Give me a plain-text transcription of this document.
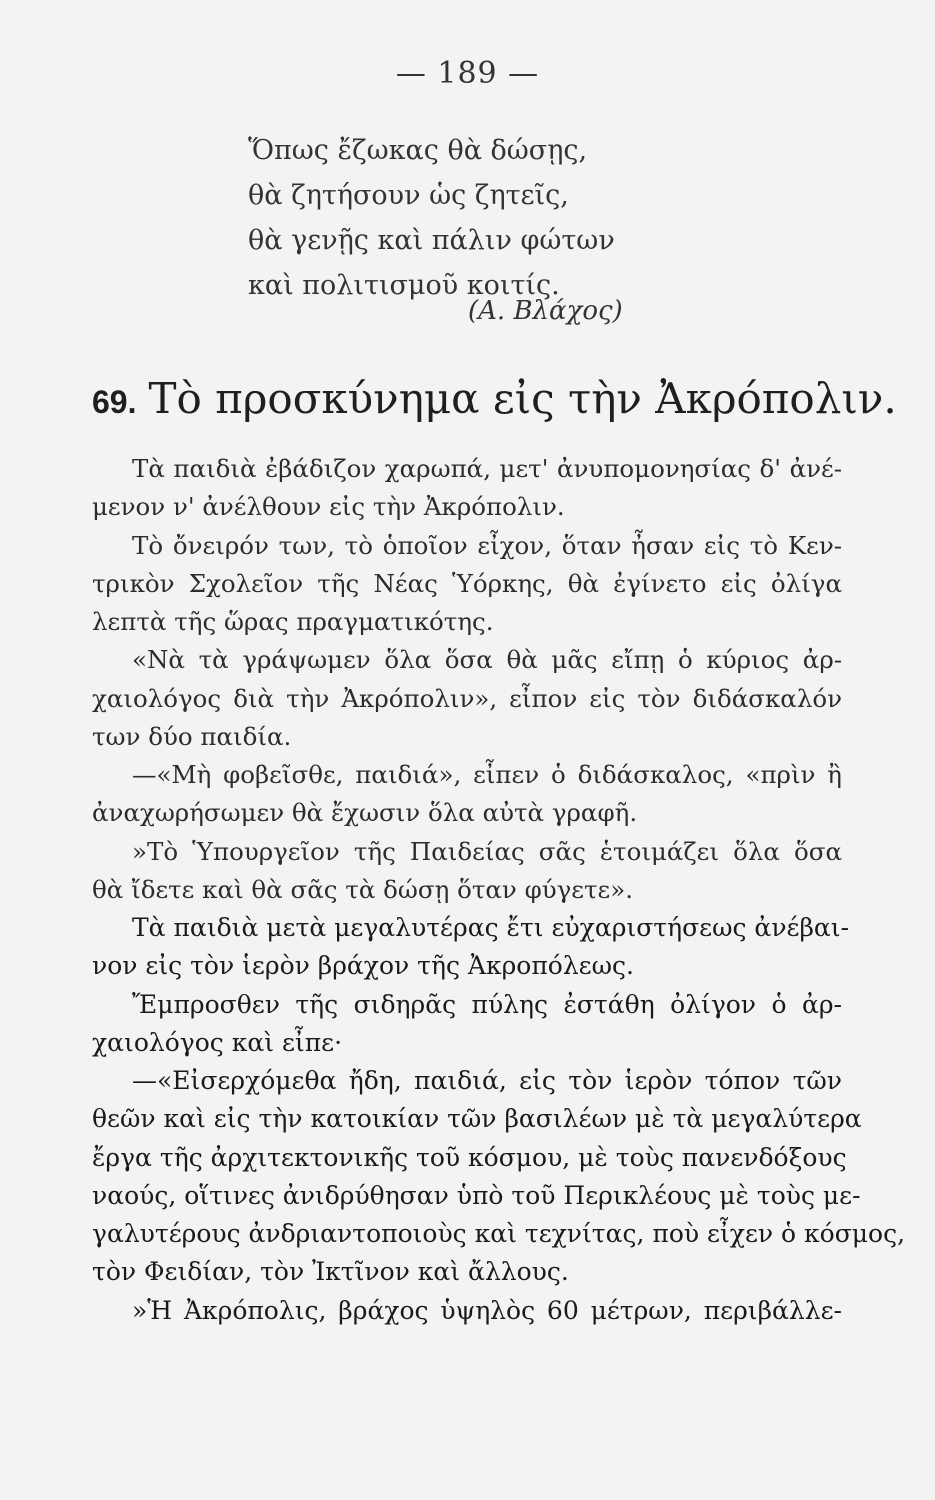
— 189 —
Ὅπως ἔζωκας θὰ δώσῃς,
θὰ ζητήσουν ὡς ζητεῖς,
θὰ γενῇς καὶ πάλιν φώτων
καὶ πολιτισμοῦ κοιτίς.
(Α. Βλάχος)
69. Τὸ προσκύνημα εἰς τὴν Ἀκρόπολιν.
Τὰ παιδιὰ ἐβάδιζον χαρωπά, μετ' ἀνυπομονησίας δ' ἀνέ-
μενον ν' ἀνέλθουν εἰς τὴν Ἀκρόπολιν.
Τὸ ὄνειρόν των, τὸ ὁποῖον εἶχον, ὅταν ἦσαν εἰς τὸ Κεν-
τρικὸν Σχολεῖον τῆς Νέας Ὑόρκης, θὰ ἐγίνετο εἰς ὀλίγα
λεπτὰ τῆς ὥρας πραγματικότης.
«Νὰ τὰ γράψωμεν ὅλα ὅσα θὰ μᾶς εἴπῃ ὁ κύριος ἀρ-
χαιολόγος διὰ τὴν Ἀκρόπολιν», εἶπον εἰς τὸν διδάσκαλόν
των δύο παιδία.
—«Μὴ φοβεῖσθε, παιδιά», εἶπεν ὁ διδάσκαλος, «πρὶν ἢ
ἀναχωρήσωμεν θὰ ἔχωσιν ὅλα αὐτὰ γραφῆ.
»Τὸ Ὑπουργεῖον τῆς Παιδείας σᾶς ἑτοιμάζει ὅλα ὅσα
θὰ ἴδετε καὶ θὰ σᾶς τὰ δώσῃ ὅταν φύγετε».
Τὰ παιδιὰ μετὰ μεγαλυτέρας ἔτι εὐχαριστήσεως ἀνέβαι-
νον εἰς τὸν ἱερὸν βράχον τῆς Ἀκροπόλεως.
Ἔμπροσθεν τῆς σιδηρᾶς πύλης ἐστάθη ὀλίγον ὁ ἀρ-
χαιολόγος καὶ εἶπε·
—«Εἰσερχόμεθα ἤδη, παιδιά, εἰς τὸν ἱερὸν τόπον τῶν
θεῶν καὶ εἰς τὴν κατοικίαν τῶν βασιλέων μὲ τὰ μεγαλύτερα
ἔργα τῆς ἀρχιτεκτονικῆς τοῦ κόσμου, μὲ τοὺς πανενδόξους
ναούς, οἵτινες ἀνιδρύθησαν ὑπὸ τοῦ Περικλέους μὲ τοὺς με-
γαλυτέρους ἀνδριαντοποιοὺς καὶ τεχνίτας, ποὺ εἶχεν ὁ κόσμος,
τὸν Φειδίαν, τὸν Ἰκτῖνον καὶ ἄλλους.
»Ἡ Ἀκρόπολις, βράχος ὑψηλὸς 60 μέτρων, περιβάλλε-
